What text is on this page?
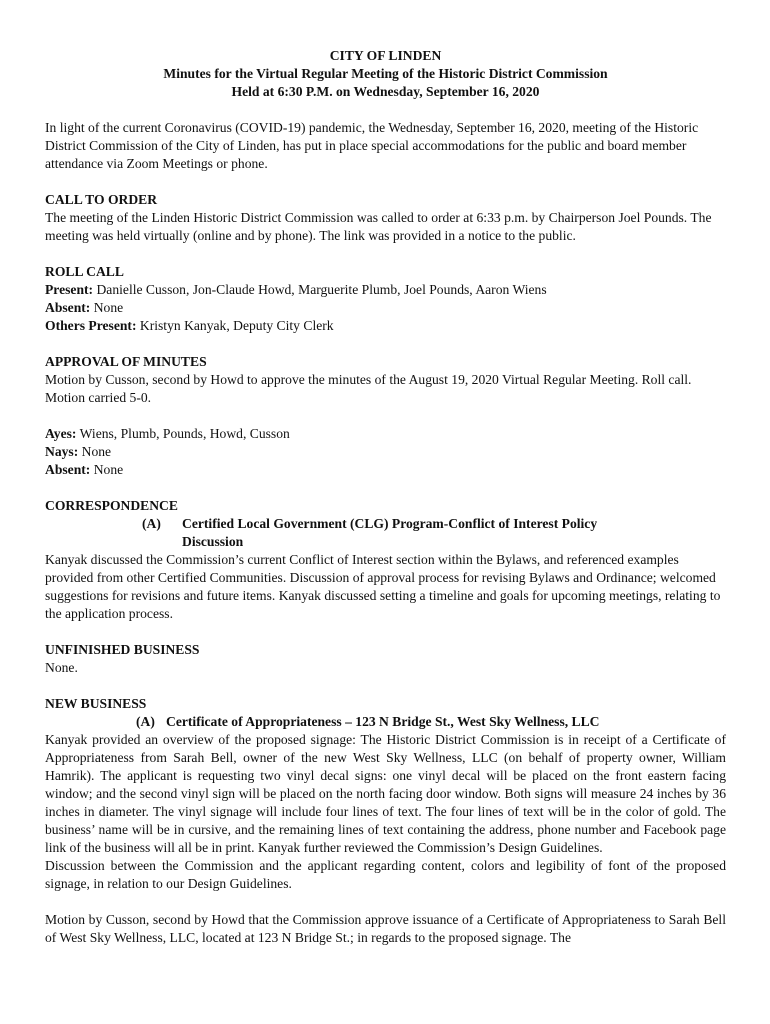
CITY OF LINDEN

Minutes for the Virtual Regular Meeting of the Historic District Commission

Held at 6:30 P.M. on Wednesday, September 16, 2020

In light of the current Coronavirus (COVID-19) pandemic, the Wednesday, September 16, 2020, meeting of the Historic District Commission of the City of Linden, has put in place special accommodations for the public and board member attendance via Zoom Meetings or phone.

CALL TO ORDER

The meeting of the Linden Historic District Commission was called to order at 6:33 p.m. by Chairperson Joel Pounds. The meeting was held virtually (online and by phone). The link was provided in a notice to the public.

ROLL CALL

Present: Danielle Cusson, Jon-Claude Howd, Marguerite Plumb, Joel Pounds, Aaron Wiens

Absent: None

Others Present: Kristyn Kanyak, Deputy City Clerk

APPROVAL OF MINUTES

Motion by Cusson, second by Howd to approve the minutes of the August 19, 2020 Virtual Regular Meeting. Roll call. Motion carried 5-0.

Ayes: Wiens, Plumb, Pounds, Howd, Cusson

Nays: None

Absent: None

CORRESPONDENCE

(A)	Certified Local Government (CLG) Program-Conflict of Interest Policy
Discussion

Kanyak discussed the Commission’s current Conflict of Interest section within the Bylaws, and referenced examples provided from other Certified Communities. Discussion of approval process for revising Bylaws and Ordinance; welcomed suggestions for revisions and future items. Kanyak discussed setting a timeline and goals for upcoming meetings, relating to the application process.

UNFINISHED BUSINESS

None.

NEW BUSINESS

(A) Certificate of Appropriateness – 123 N Bridge St., West Sky Wellness, LLC

Kanyak provided an overview of the proposed signage: The Historic District Commission is in receipt of a Certificate of Appropriateness from Sarah Bell, owner of the new West Sky Wellness, LLC (on behalf of property owner, William Hamrik). The applicant is requesting two vinyl decal signs: one vinyl decal will be placed on the front eastern facing window; and the second vinyl sign will be placed on the north facing door window. Both signs will measure 24 inches by 36 inches in diameter. The vinyl signage will include four lines of text. The four lines of text will be in the color of gold. The business’ name will be in cursive, and the remaining lines of text containing the address, phone number and Facebook page link of the business will all be in print. Kanyak further reviewed the Commission’s Design Guidelines.

Discussion between the Commission and the applicant regarding content, colors and legibility of font of the proposed signage, in relation to our Design Guidelines.

Motion by Cusson, second by Howd that the Commission approve issuance of a Certificate of Appropriateness to Sarah Bell of West Sky Wellness, LLC, located at 123 N Bridge St.; in regards to the proposed signage. The
